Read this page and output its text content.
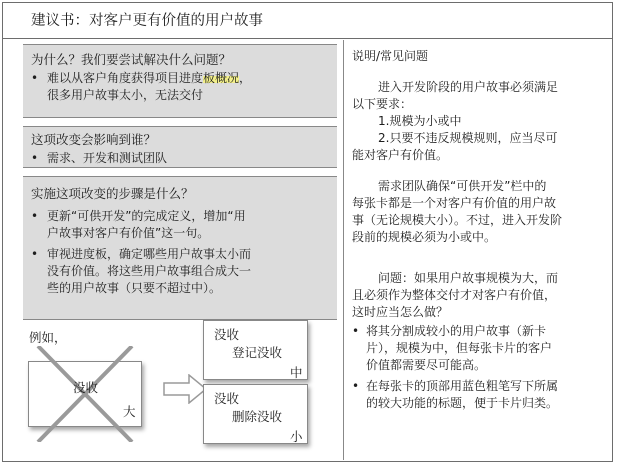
建议书：对客户更有价值的用户故事
为什么？我们要尝试解决什么问题？
• 难以从客户角度获得项目进度板概况，
很多用户故事太小，无法交付
这项改变会影响到谁？
• 需求、开发和测试团队
实施这项改变的步骤是什么？
• 更新“可供开发”的完成定义，增加“用
户故事对客户有价值”这一句。
• 审视进度板，确定哪些用户故事太小而
没有价值。将这些用户故事组合成大一
些的用户故事（只要不超过中）。
例如，
没收
大
没收
登记没收
中
没收
删除没收
小
说明/常见问题
进入开发阶段的用户故事必须满足
以下要求：
1.规模为小或中
2.只要不违反规模规则，应当尽可
能对客户有价值。
需求团队确保“可供开发”栏中的
每张卡都是一个对客户有价值的用户故
事（无论规模大小）。不过，进入开发阶
段前的规模必须为小或中。
问题：如果用户故事规模为大，而
且必须作为整体交付才对客户有价值，
这时应当怎么做？
• 将其分割成较小的用户故事（新卡
片），规模为中，但每张卡片的客户
价值都需要尽可能高。
• 在每张卡的顶部用蓝色粗笔写下所属
的较大功能的标题，便于卡片归类。
